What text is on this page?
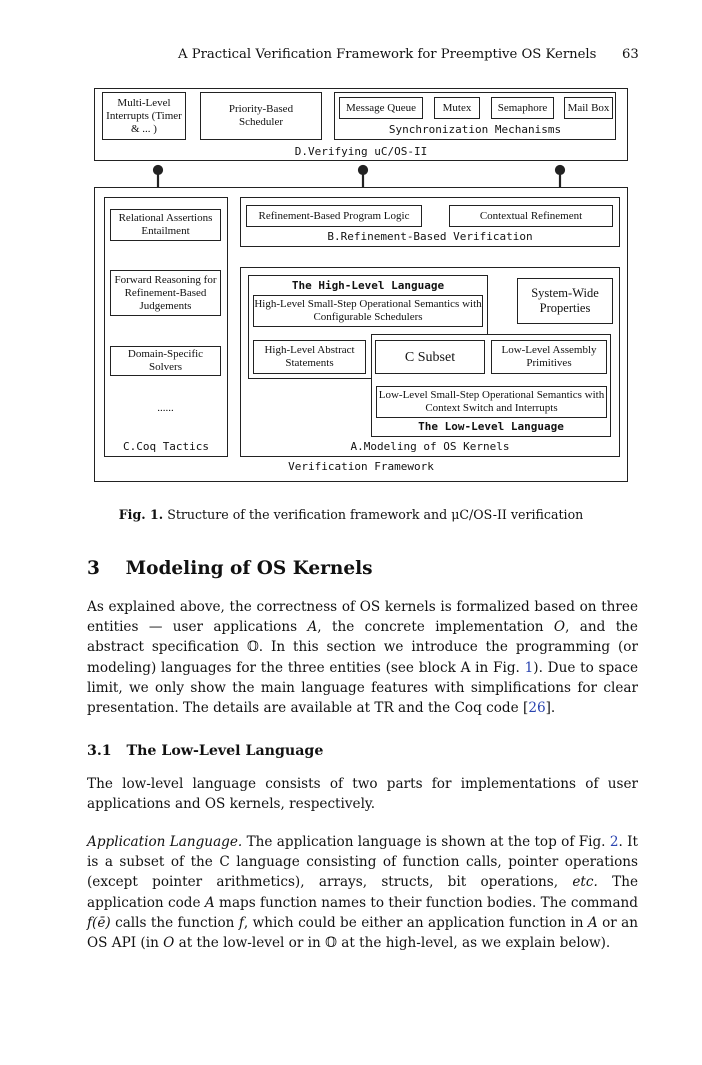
A Practical Verification Framework for Preemptive OS Kernels 63
Multi-Level Interrupts (Timer & ... )
Priority-Based Scheduler
Message Queue Mutex Semaphore Mail Box
Synchronization Mechanisms
D.Verifying uC/OS-II
Verification Framework
Relational Assertions Entailment
Forward Reasoning for Refinement-Based Judgements
Domain-Specific Solvers
......
C.Coq Tactics
Refinement-Based Program Logic	Contextual Refinement
B.Refinement-Based Verification
The High-Level Language
High-Level Small-Step Operational Semantics with Configurable Schedulers
System-Wide Properties
High-Level Abstract Statements	C Subset	Low-Level Assembly Primitives
Low-Level Small-Step Operational Semantics with Context Switch and Interrupts
The Low-Level Language
A.Modeling of OS Kernels
Fig. 1. Structure of the verification framework and μC/OS-II verification
3 Modeling of OS Kernels
As explained above, the correctness of OS kernels is formalized based on three entities — user applications A, the concrete implementation O, and the abstract specification 𝕆. In this section we introduce the programming (or modeling) languages for the three entities (see block A in Fig. 1). Due to space limit, we only show the main language features with simplifications for clear presentation. The details are available at TR and the Coq code [26].
3.1 The Low-Level Language
The low-level language consists of two parts for implementations of user applications and OS kernels, respectively.
Application Language. The application language is shown at the top of Fig. 2. It is a subset of the C language consisting of function calls, pointer operations (except pointer arithmetics), arrays, structs, bit operations, etc. The application code A maps function names to their function bodies. The command f(ē) calls the function f, which could be either an application function in A or an OS API (in O at the low-level or in 𝕆 at the high-level, as we explain below).
